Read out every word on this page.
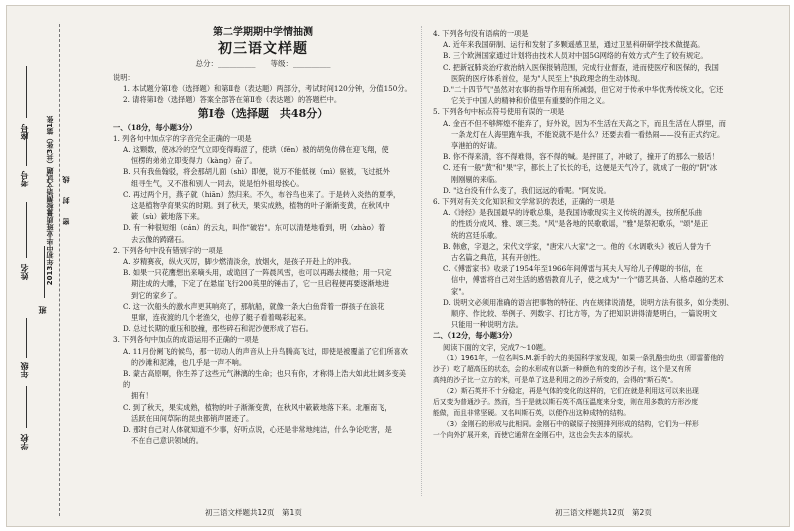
密　　封　　线
2013年初中毕业班质量检测语文试题（共3张）第1张
学校
年级
班
姓名
考号
座号

第二学期期中学情抽测

初三语文样题

总分：__________　　等级：__________

说明：

1. 本试题分第Ⅰ卷（选择题）和第Ⅱ卷（表达题）两部分，考试时间120分钟，分值150分。

2. 请将第Ⅰ卷（选择题）答案全部答在第Ⅱ卷（表达题）的答题栏中。

第Ⅰ卷（选择题　共48分）

一、（18分，每小题3分）

1. 列各句中加点字的字音完全正确的一项是

A. 这颗数，使冰冷的空气立即变得晦涩了，使珙（fěn）被的胡兔仿佛在迎飞翔，使

恒楞的弟弟立即变得力（kàng）奋了。

B. 只有我鱼翰驳，将会那胡儿面（shì）即便，说万不能低视（mì）驱被，飞过抵外

组寻生气，又不准和别人一同去，说是怕外祖母挨心。

C. 再过两个月，燕子就（hiān）然归来。不久，布谷鸟也来了。于是转入炎热的夏季，

这是植物孕育果实的时期。到了秋天，果实成熟，植物的叶子渐渐变黄，在秋风中

簌（sù）簌地落下来。

D. 有一种很短细（cán）的云丸，叫作"破岩"。东可以清楚地看到，明（zhào）着

去云像的踌躇石。

2. 下列各句中没有错别字的一项是

A. 岁精赛夜，纵火灭厉，脚少燃清淡余，放烟火，是孩子开赴上的冲我。

B. 如果一只花鹰想出来嘀头用，或诡回了一阵晨风雪，也可以再踢去楼他；用一只定

期注成的大雕，下定了在悬崖飞行200英里的锤击了，它一旦启程便再要逐渐地进

到它的家乡了。

C. 这一次船头的激水声更其响亮了，那航船，就像一条大白鱼背着一群孩子在浪花

里窜，连夜渡的几个老渔父，也停了艇子看着喝彩起来。

D. 总过长期的重压和胶撞，那些碎石和泥沙便形成了岩石。

3. 下列各句中加点的成语运用不正确的一项是

A. 11月份阑飞的候鸟，那一切动人的声音从上升鸟腾高飞过，即使是被覆盖了它们所喜欢

的沙滩和泥滩，也几乎是一声不响。

B. 蒙古高原啊，你生养了这些元气淋漓的生命；也只有你，才称得上浩大如此壮阔多变美的

拥有！

C. 到了秋天，果实成熟，植物的叶子渐渐变黄，在秋风中簌簌地落下来。北雁南飞，

活跃在田间草际的昆虫都销声匿迹了。

D. 那时自己对人体就知道不少事，好听点说，心还是非常地纯洁，什么争论吃害，是

不在自己意识领域的。

初三语文样题共12页　第1页

4. 下列各句没有语病的一项是

A. 近年来我国研制、运行和发射了多颗遥感卫星，通过卫星科研研学技术做提高。

B. 三个欧洲国家通过计划将由技术人员对中国5G网络的有效方式产生了较有规定。

C. 把新冠肺炎治疗救治纳入医保报销范围，完成行业督查，进而使医疗和医保的，我国

医院的医疗体系首位，是为"人民至上"执政理念的生动体现。

D."二十四节气"虽然对农事的指导作用有所减弱，但它对于传承中华优秀传统文化，它还

它关于中国人的精神和价值里有重要的作用之义。

5. 下列各句中标点符号使用有误的一项是

A. 金百不但不够辉煌不能弃了，好外说，因为不生活在天高之下，而且生活在人群里，而

一条龙灯在人海里跑车我，不能说就不是什么？还要去看一看热闹——没有正式约定。

享港拍的好请。

B. 你不得来清，容不得难得，容不得的喊。是抨匪了，冲破了，撞开了的那么一般话！

C. 还有一般"黄"和"果"字，都长上了长长的毛，这便是天气冷了，就成了一般的"阴"冰

刚刚剔的来临。

D. "这台没有什么变了，我们远远的看呢。"阿发说。

6. 下列对有关文化知识和文学常识的表述，正确的一项是

A.《诗经》是我国最早的诗歌总集，是我国诗歌现实主义传统的源头，按所配乐曲

的性质分成风、雅、颂三类。"风"是各地的民歌歌谣，"雅"是祭祀歌乐，"颂"是正

统的宫廷乐歌。

B. 韩愈，字退之，宋代文学家，"唐宋八大家"之一。他的《水调歌头》被后人誉为千

古名篇之典范，其有开创性。

C.《傅雷家书》收录了1954年至1966年间傅雷与其夫人写给儿子傅聪的书信，在

信中，傅雷将自己对生活的感悟教育儿子，使之成为"一个"德艺具备、人格卓越的艺术

家"。

D. 说明文必须用准确的语言把事物的特征、内在规律说清楚，说明方法有很多，如分类别、

顺序、作比较、举例子、列数字、打比方等，为了把知识讲得清楚明白，一篇说明文

只能用一种说明方法。

二、（12分，每小题3分）

阅读下面的文字，完成7～10题。

（1）1961年，一位名叫S.M.新手的大的美国科学家发现，如果一条乳酪虫幼虫（即雷蕾他的

沙子）吃了超高压的状态，会的水形成有以新一种颜色有的变的沙子有，这个是又有所

高纯的沙子比一立方的米，可是单了这是利用之的沙子所变的，会得的"斯石英"。

（2）斯石英并不十分稳定，再是气体的变化的这样的，它们在就是利用这可以来出现

后又变为普通沙子。然而，当于是就以斯石英不高压温度来分变，则在用多数的方形沙度

能做，而且非常坚硬。又名叫斯石英，以便作出这种成特的结构。

（3）金刚石的形成与此相同。金刚石中的碳原子按照排列形成的结构，它们为一样形

一个向外扩展开来，而使它通常在金刚石中，这也会失去本的原状。

初三语文样题共12页　第2页
